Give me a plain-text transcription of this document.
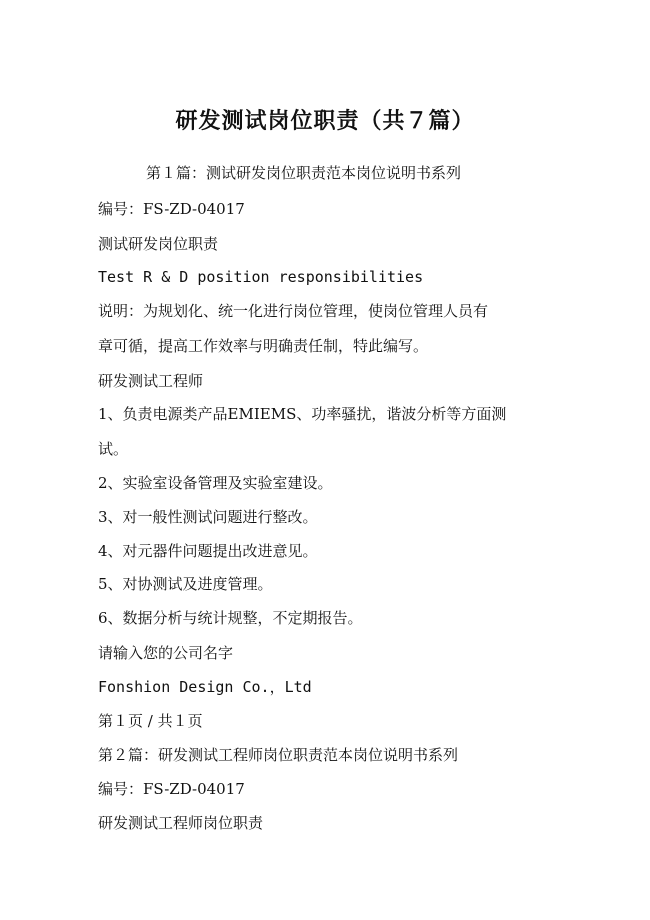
研发测试岗位职责（共７篇）
第１篇：测试研发岗位职责范本岗位说明书系列
编号：FS-ZD-04017
测试研发岗位职责
Test R & D position responsibilities
说明：为规划化、统一化进行岗位管理，使岗位管理人员有
章可循，提高工作效率与明确责任制，特此编写。
研发测试工程师
1、负责电源类产品EMIEMS、功率骚扰，谐波分析等方面测
试。
2、实验室设备管理及实验室建设。
3、对一般性测试问题进行整改。
4、对元器件问题提出改进意见。
5、对协测试及进度管理。
6、数据分析与统计规整，不定期报告。
请输入您的公司名字
Fonshion Design Co.，Ltd
第１页 / 共１页
第２篇：研发测试工程师岗位职责范本岗位说明书系列
编号：FS-ZD-04017
研发测试工程师岗位职责
